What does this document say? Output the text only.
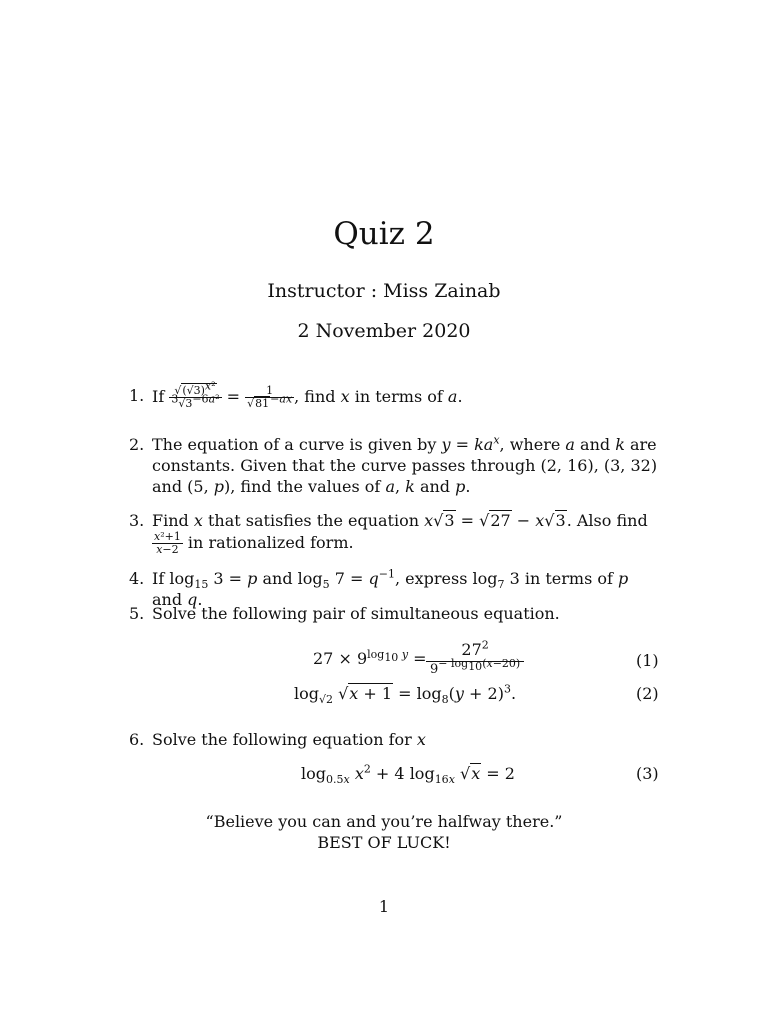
Quiz 2
Instructor : Miss Zainab
2 November 2020
1. If $\frac{√(√3)^{x^2}}{^3√3^{-6a^2}} = \frac{1}{√81^{-ax}}$ , find x in terms of a.
2. The equation of a curve is given by $y = ka^x$, where a and k are constants. Given that the curve passes through (2, 16), (3, 32) and (5, p), find the values of a, k and p.
3. Find x that satisfies the equation x√3 = √27 − x√3. Also find
$\frac{\text{x²+1}}{x-2}$ in rationalized form.
4. If $\log_{15} 3 = p$ and $\log_5 7 = q^{-1}$, express $\log_7 3$ in terms of p and q.
5. Solve the following pair of simultaneous equation.
$27 \times 9^{log_{10} y}$ =	$27^2$
$9^{- log_{10}(x-20)}$	(1)
$\log_{√2} √x + 1 = \log_8(y + 2)^3$.	(2)
6. Solve the following equation for x
$\log_{0.5x} x^2 + 4$ $\log_{16x} √x = 2$	(3)
“Believe you can and you’re halfway there.”
BEST OF LUCK!
1
